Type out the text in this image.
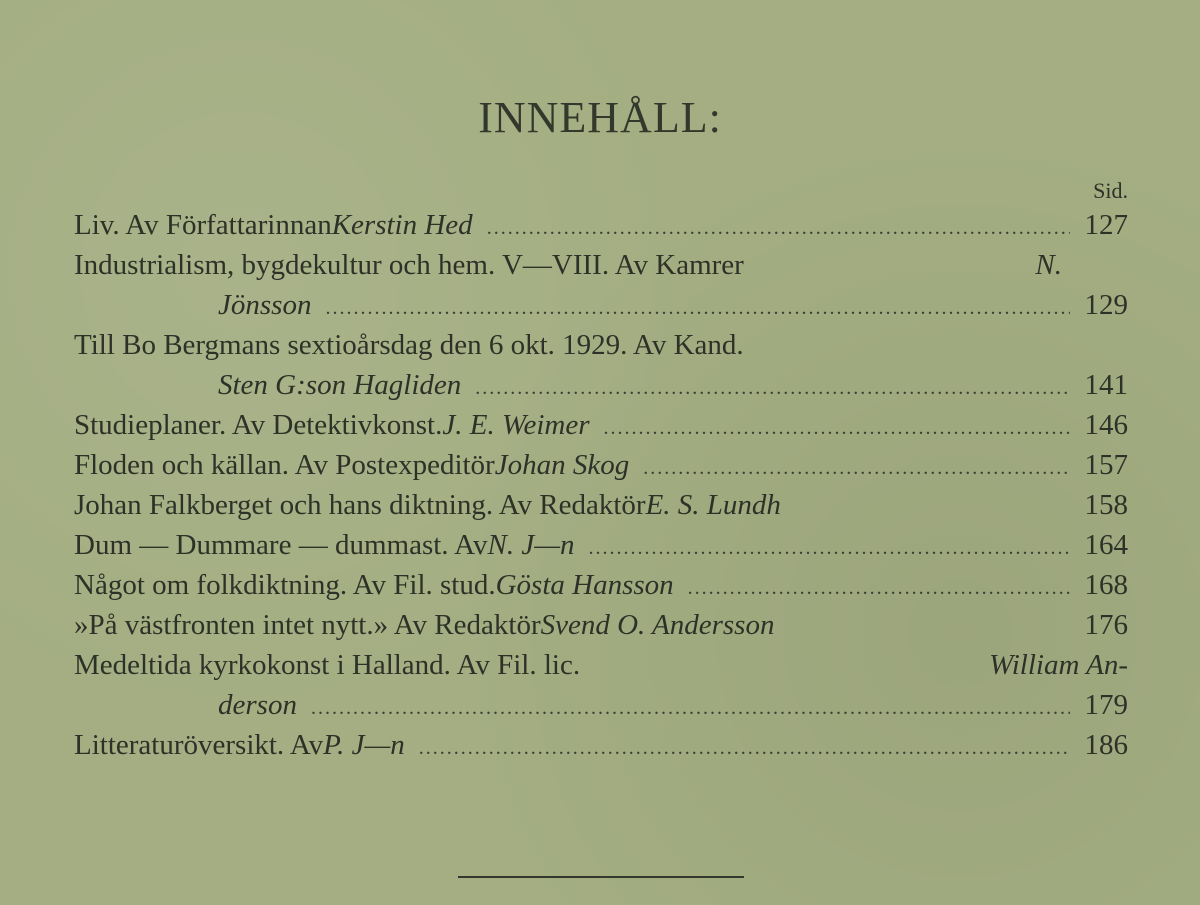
INNEHÅLL:
Sid.
Liv. Av Författarinnan Kerstin Hed .....	127
Industrialism, bygdekultur och hem. V—VIII. Av Kamrer	N.
Jönsson .....	129
Till Bo Bergmans sextioårsdag den 6 okt. 1929. Av Kand.
Sten G:son Hagliden .....	141
Studieplaner. Av Detektivkonst. J. E. Weimer .....	146
Floden och källan. Av Postexpeditör Johan Skog .....	157
Johan Falkberget och hans diktning. Av Redaktör E. S. Lundh	158
Dum — Dummare — dummast. Av N. J—n .....	164
Något om folkdiktning. Av Fil. stud. Gösta Hansson .....	168
»På västfronten intet nytt.» Av Redaktör Svend O. Andersson	176
Medeltida kyrkokonst i Halland. Av Fil. lic.	William An-
derson .....	179
Litteraturöversikt. Av P. J—n .....	186
